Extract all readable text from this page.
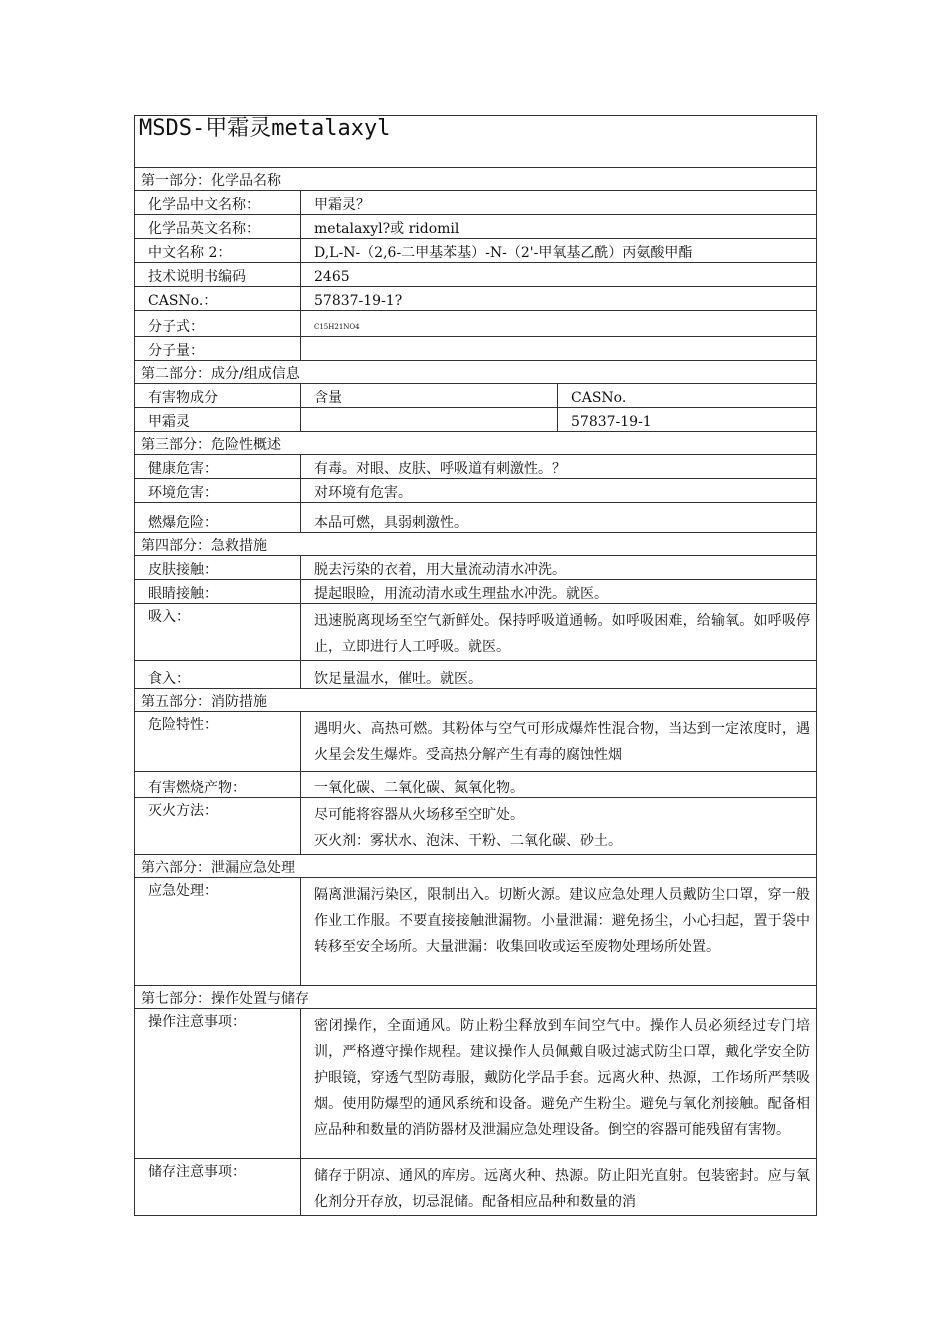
MSDS-甲霜灵metalaxyl		
第一部分：化学品名称		
化学品中文名称：	甲霜灵？	
化学品英文名称：	metalaxyl?或 ridomil	
中文名称 2：	D,L-N-（2,6-二甲基苯基）-N-（2'-甲氧基乙酰）丙氨酸甲酯	
技术说明书编码	2465	
CASNo.：	57837-19-1?	
分子式：	$^{C15H21NO4}$
分子量：		
第二部分：成分/组成信息		
有害物成分	含量	CASNo.
甲霜灵		57837-19-1
第三部分：危险性概述		
健康危害：	有毒。对眼、皮肤、呼吸道有刺激性。？	
环境危害：	对环境有危害。	
燃爆危险：	本品可燃，具弱刺激性。	
第四部分：急救措施		
皮肤接触：	脱去污染的衣着，用大量流动清水冲洗。	
眼睛接触：	提起眼睑，用流动清水或生理盐水冲洗。就医。	
吸入：	迅速脱离现场至空气新鲜处。保持呼吸道通畅。如呼吸困难，给输氧。如呼吸停止，立即进行人工呼吸。就医。	
食入：	饮足量温水，催吐。就医。	
第五部分：消防措施		
危险特性：	遇明火、高热可燃。其粉体与空气可形成爆炸性混合物，当达到一定浓度时，遇火星会发生爆炸。受高热分解产生有毒的腐蚀性烟	
有害燃烧产物：	一氧化碳、二氧化碳、氮氧化物。	
灭火方法：	尽可能将容器从火场移至空旷处。
灭火剂：雾状水、泡沫、干粉、二氧化碳、砂土。	

第六部分：泄漏应急处理		
应急处理：	隔离泄漏污染区，限制出入。切断火源。建议应急处理人员戴防尘口罩，穿一般作业工作服。不要直接接触泄漏物。小量泄漏：避免扬尘，小心扫起，置于袋中转移至安全场所。大量泄漏：收集回收或运至废物处理场所处置。	
第七部分：操作处置与储存		
操作注意事项：	密闭操作，全面通风。防止粉尘释放到车间空气中。操作人员必须经过专门培训，严格遵守操作规程。建议操作人员佩戴自吸过滤式防尘口罩，戴化学安全防护眼镜，穿透气型防毒服，戴防化学品手套。远离火种、热源，工作场所严禁吸烟。使用防爆型的通风系统和设备。避免产生粉尘。避免与氧化剂接触。配备相应品种和数量的消防器材及泄漏应急处理设备。倒空的容器可能残留有害物。	
储存注意事项：	储存于阴凉、通风的库房。远离火种、热源。防止阳光直射。包装密封。应与氧化剂分开存放，切忌混储。配备相应品种和数量的消	
